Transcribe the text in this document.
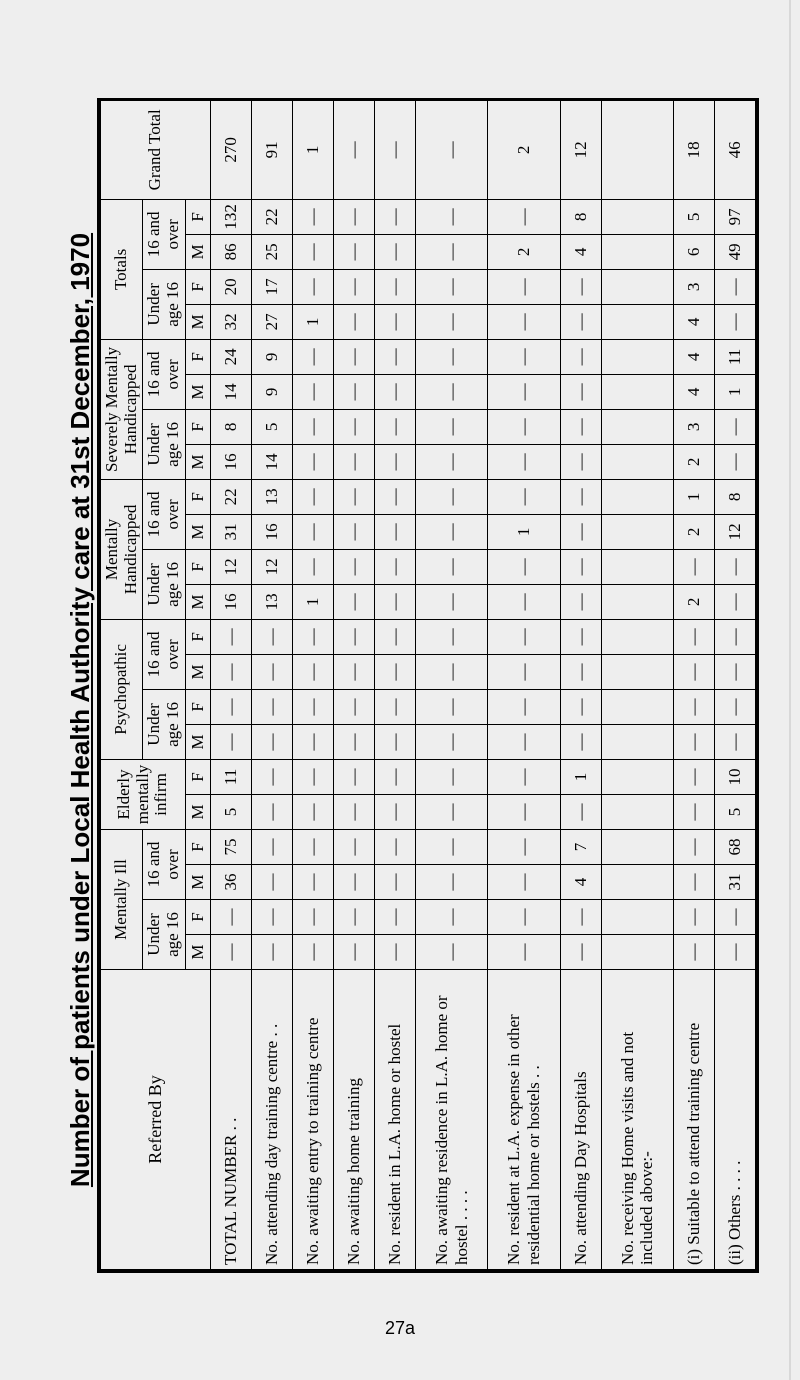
Number of patients under Local Health Authority care at 31st December, 1970	Referred By	Mentally Ill				Elderly mentally infirm		Psychopathic				Mentally Handicapped				Severely Mentally Handicapped				Totals				Grand Total
	Under age 16		16 and over				Under age 16		16 and over		Under age 16		16 and over		Under age 16		16 and over		Under age 16		16 and over		
	M	F	M	F	M	F	M	F	M	F	M	F	M	F	M	F	M	F	M	F	M	F	
TOTAL NUMBER . .	—	—	36	75	5	11	—	—	—	—	16	12	31	22	16	8	14	24	32	20	86	132	270
No. attending day training centre . .	—	—	—	—	—	—	—	—	—	—	13	12	16	13	14	5	9	9	27	17	25	22	91
No. awaiting entry to training centre	—	—	—	—	—	—	—	—	—	—	1	—	—	—	—	—	—	—	1	—	—	—	1
No. awaiting home training	—	—	—	—	—	—	—	—	—	—	—	—	—	—	—	—	—	—	—	—	—	—	—
No. resident in L.A. home or hostel	—	—	—	—	—	—	—	—	—	—	—	—	—	—	—	—	—	—	—	—	—	—	—
No. awaiting residence in L.A. home or hostel . . . .	—	—	—	—	—	—	—	—	—	—	—	—	—	—	—	—	—	—	—	—	—	—	—
No. resident at L.A. expense in other residential home or hostels . .	—	—	—	—	—	—	—	—	—	—	—	—	1	—	—	—	—	—	—	—	2	—	2
No. attending Day Hospitals	—	—	4	7	—	1	—	—	—	—	—	—	—	—	—	—	—	—	—	—	4	8	12
No. receiving Home visits and not included above:-																							
(i) Suitable to attend training centre	—	—	—	—	—	—	—	—	—	—	2	—	2	1	2	3	4	4	4	3	6	5	18
(ii) Others . . . .	—	—	31	68	5	10	—	—	—	—	—	—	12	8	—	—	1	11	—	—	49	97	46
27a
